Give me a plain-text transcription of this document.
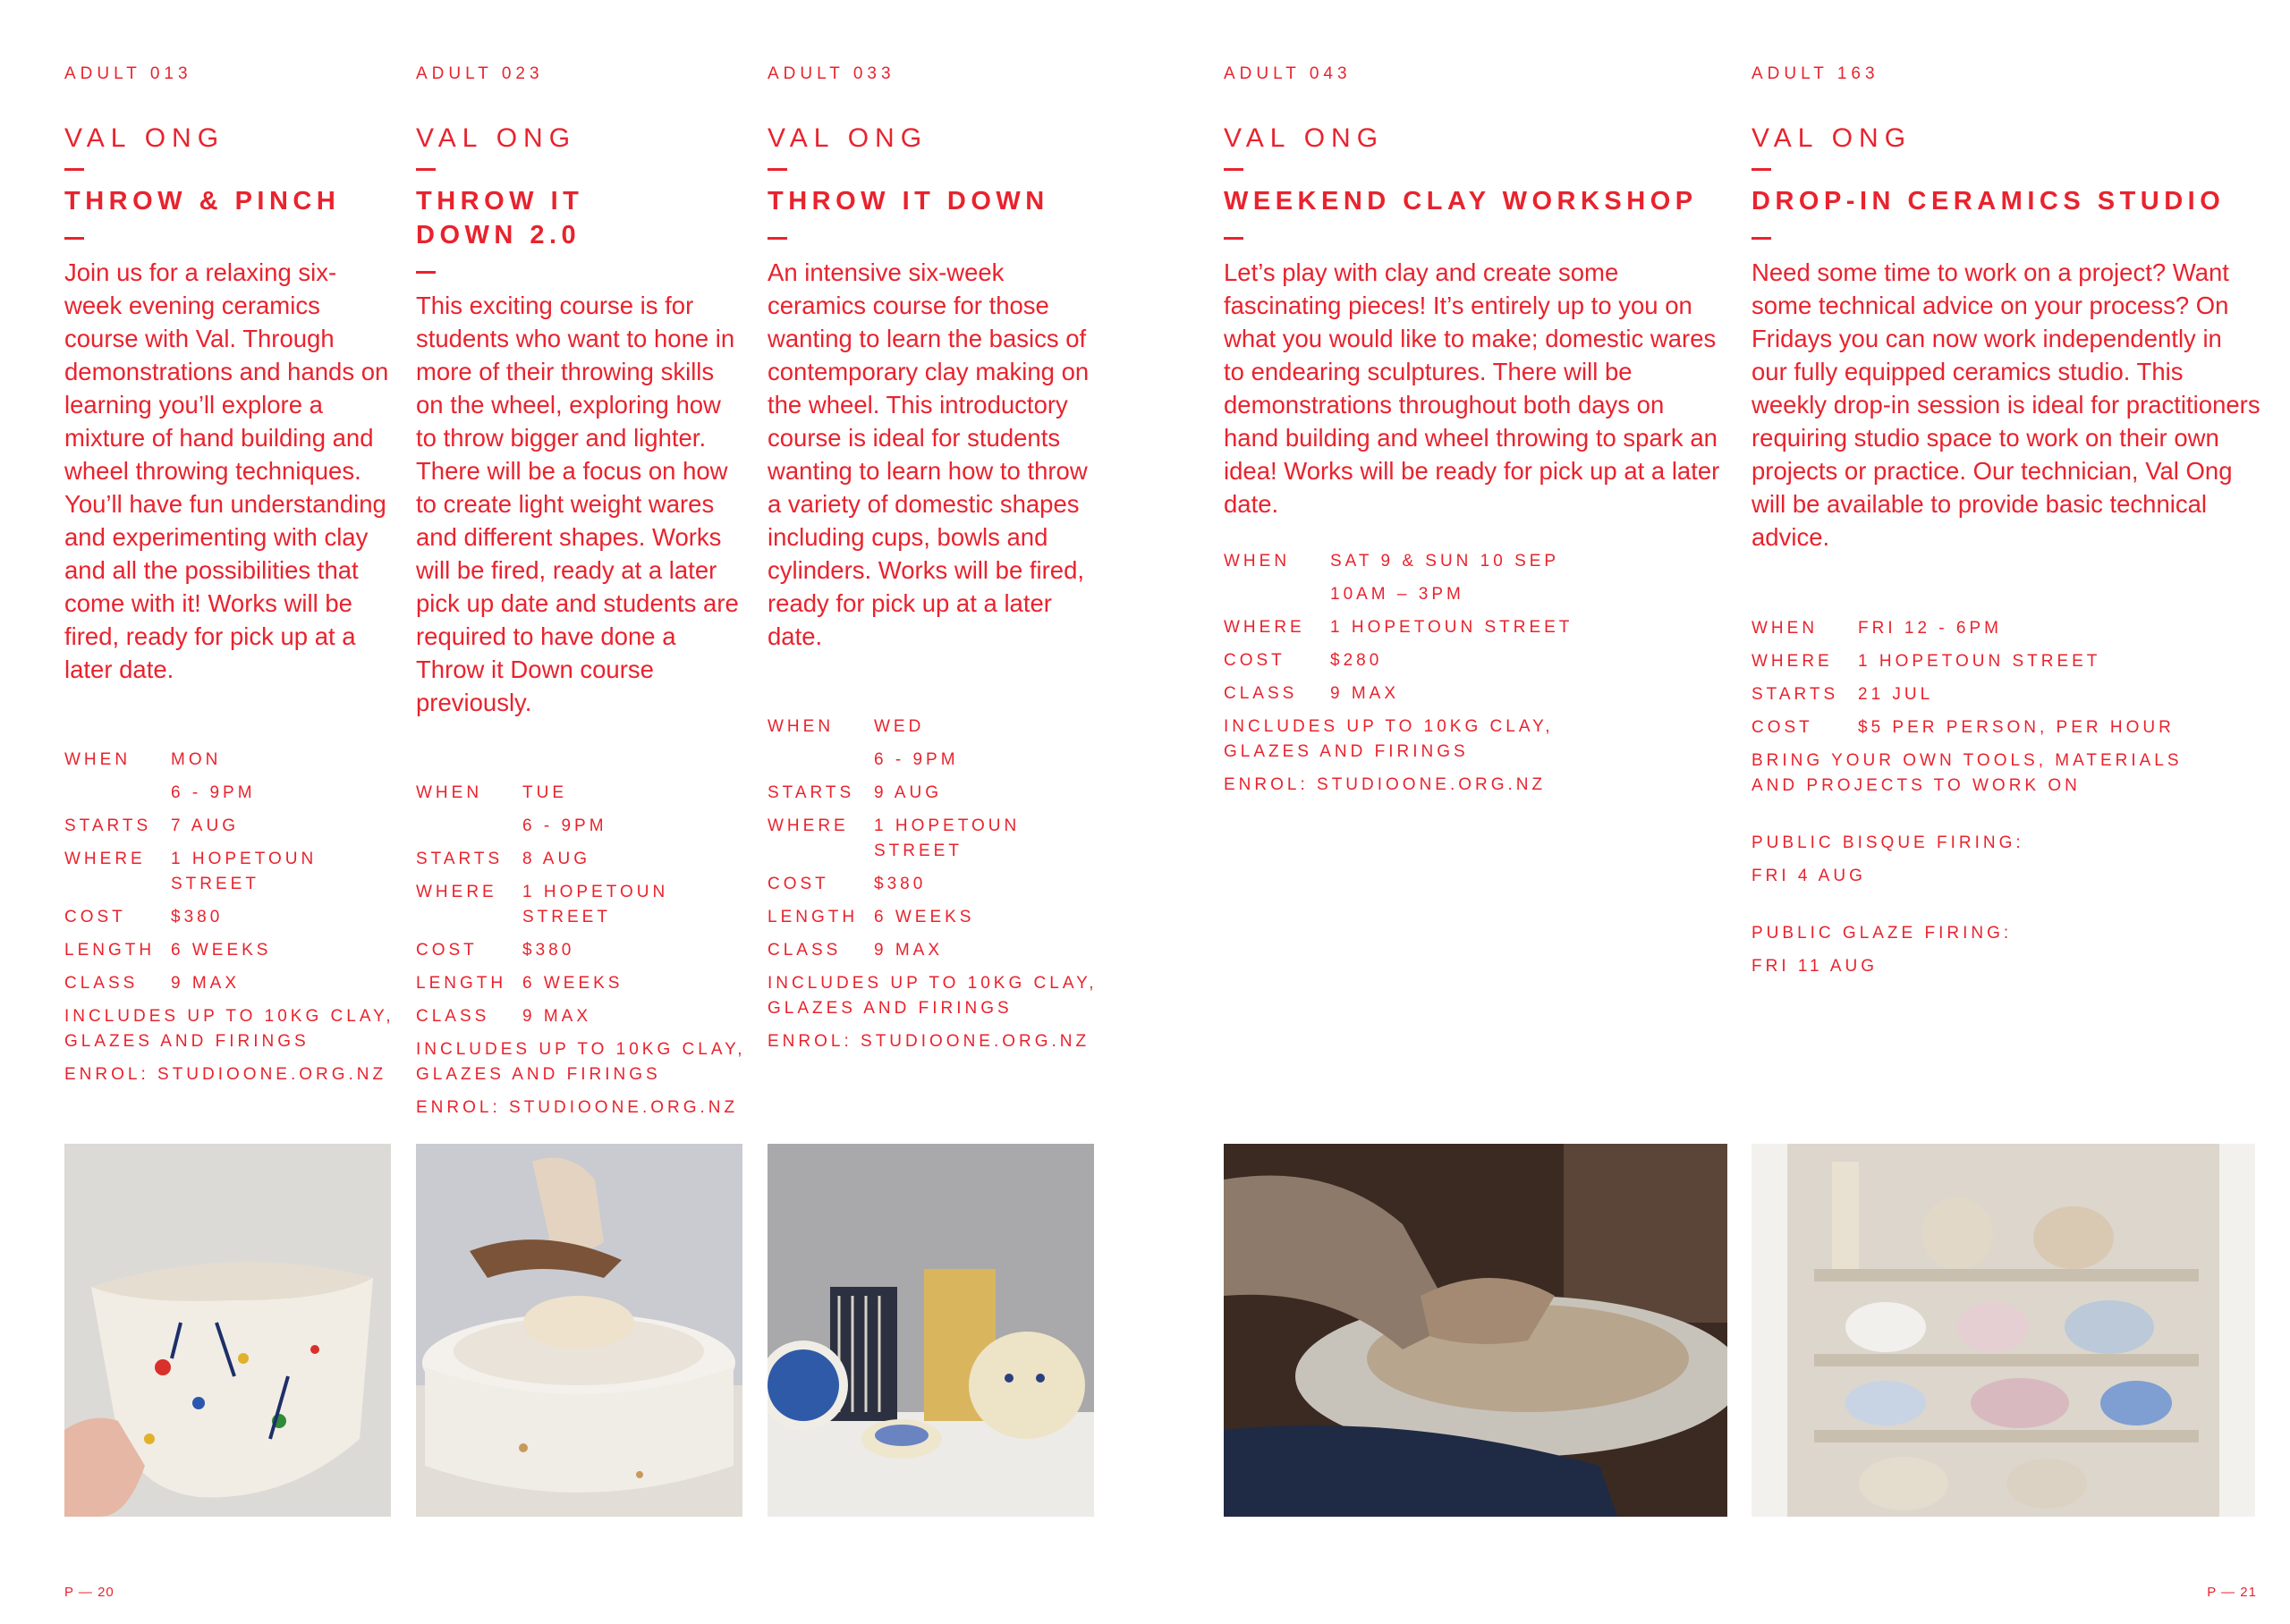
ADULT 013
VAL ONG
THROW & PINCH
Join us for a relaxing six-week evening ceramics course with Val. Through demonstrations and hands on learning you’ll explore a mixture of hand building and wheel throwing techniques. You’ll have fun understanding and experimenting with clay and all the possibilities that come with it! Works will be fired, ready for pick up at a later date.
WHEN	MON
6 - 9PM
STARTS	7 AUG
WHERE	1 HOPETOUN STREET
COST	$380
LENGTH 6 WEEKS
CLASS	9 MAX
INCLUDES UP TO 10KG CLAY, GLAZES AND FIRINGS
ENROL: STUDIOONE.ORG.NZ
ADULT 023
VAL ONG
THROW IT
DOWN 2.0
This exciting course is for students who want to hone in more of their throwing skills on the wheel, exploring how to throw bigger and lighter. There will be a focus on how to create light weight wares and different shapes. Works will be fired, ready at a later pick up date and students are required to have done a Throw it Down course previously.
WHEN	TUE
6 - 9PM
STARTS	8 AUG
WHERE	1 HOPETOUN STREET
COST	$380
LENGTH 6 WEEKS
CLASS	9 MAX
INCLUDES UP TO 10KG CLAY, GLAZES AND FIRINGS
ENROL: STUDIOONE.ORG.NZ
ADULT 033
VAL ONG
THROW IT DOWN
An intensive six-week ceramics course for those wanting to learn the basics of contemporary clay making on the wheel. This introductory course is ideal for students wanting to learn how to throw a variety of domestic shapes including cups, bowls and cylinders. Works will be fired, ready for pick up at a later date.
WHEN	WED
6 - 9PM
STARTS	9 AUG
WHERE	1 HOPETOUN STREET
COST	$380
LENGTH 6 WEEKS
CLASS	9 MAX
INCLUDES UP TO 10KG CLAY, GLAZES AND FIRINGS
ENROL: STUDIOONE.ORG.NZ
ADULT 043
VAL ONG
WEEKEND CLAY WORKSHOP
Let’s play with clay and create some fascinating pieces! It’s entirely up to you on what you would like to make; domestic wares to endearing sculptures. There will be demonstrations throughout both days on hand building and wheel throwing to spark an idea! Works will be ready for pick up at a later date.
WHEN	SAT 9 & SUN 10 SEP
10AM – 3PM
WHERE	1 HOPETOUN STREET
COST	$280
CLASS	9 MAX
INCLUDES UP TO 10KG CLAY, GLAZES AND FIRINGS
ENROL: STUDIOONE.ORG.NZ
ADULT 163
VAL ONG
DROP-IN CERAMICS STUDIO
Need some time to work on a project? Want some technical advice on your process? On Fridays you can now work independently in our fully equipped ceramics studio. This weekly drop-in session is ideal for practitioners requiring studio space to work on their own projects or practice. Our technician, Val Ong will be available to provide basic technical advice.
WHEN	FRI 12 - 6PM
WHERE	1 HOPETOUN STREET
STARTS	21 JUL
COST	$5 PER PERSON, PER HOUR
BRING YOUR OWN TOOLS, MATERIALS AND PROJECTS TO WORK ON
PUBLIC BISQUE FIRING:
FRI 4 AUG
PUBLIC GLAZE FIRING:
FRI 11 AUG
P — 20	P — 21
